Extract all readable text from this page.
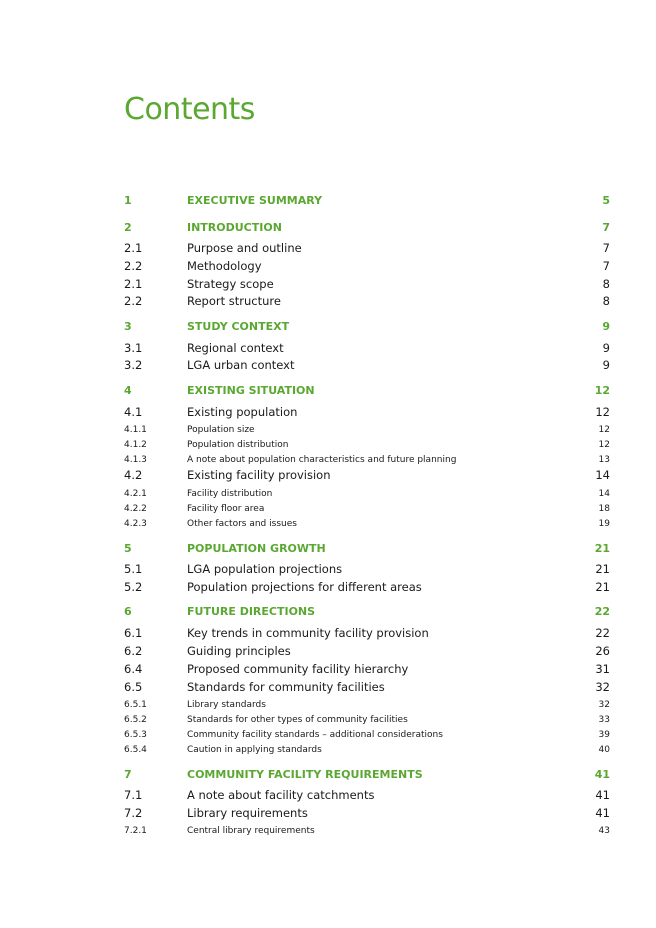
Contents
1	EXECUTIVE SUMMARY	5
2	INTRODUCTION	7
2.1	Purpose and outline	7
2.2	Methodology	7
2.1	Strategy scope	8
2.2	Report structure	8
3	STUDY CONTEXT	9
3.1	Regional context	9
3.2	LGA urban context	9
4	EXISTING SITUATION	12
4.1	Existing population	12
4.1.1	Population size	12
4.1.2	Population distribution	12
4.1.3	A note about population characteristics and future planning	13
4.2	Existing facility provision	14
4.2.1	Facility distribution	14
4.2.2	Facility floor area	18
4.2.3	Other factors and issues	19
5	POPULATION GROWTH	21
5.1	LGA population projections	21
5.2	Population projections for different areas	21
6	FUTURE DIRECTIONS	22
6.1	Key trends in community facility provision	22
6.2	Guiding principles	26
6.4	Proposed community facility hierarchy	31
6.5	Standards for community facilities	32
6.5.1	Library standards	32
6.5.2	Standards for other types of community facilities	33
6.5.3	Community facility standards – additional considerations	39
6.5.4	Caution in applying standards	40
7	COMMUNITY FACILITY REQUIREMENTS	41
7.1	A note about facility catchments	41
7.2	Library requirements	41
7.2.1	Central library requirements	43
